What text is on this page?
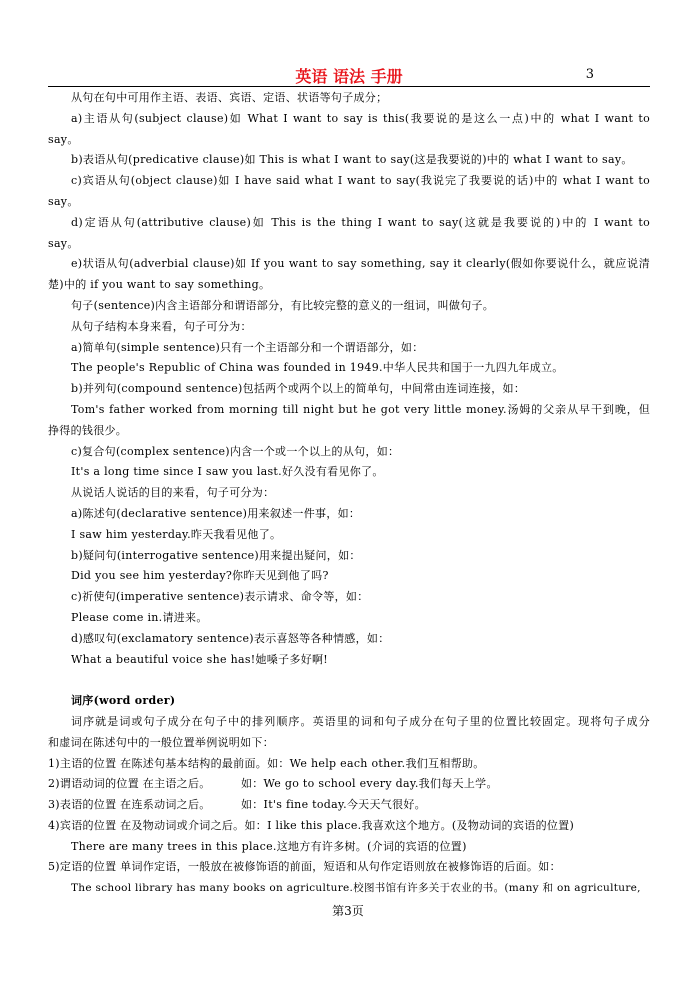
英语 语法 手册	3
从句在句中可用作主语、表语、宾语、定语、状语等句子成分；
a)主语从句(subject clause)如 What I want to say is this(我要说的是这么一点)中的 what I want to
say。
b)表语从句(predicative clause)如 This is what I want to say(这是我要说的)中的 what I want to say。
c)宾语从句(object clause)如 I have said what I want to say(我说完了我要说的话)中的 what I want to
say。
d)定语从句(attributive clause)如 This is the thing I want to say(这就是我要说的)中的 I want to
say。
e)状语从句(adverbial clause)如 If you want to say something, say it clearly(假如你要说什么，就应说清
楚)中的 if you want to say something。
句子(sentence)内含主语部分和谓语部分，有比较完整的意义的一组词，叫做句子。
从句子结构本身来看，句子可分为：
a)简单句(simple sentence)只有一个主语部分和一个谓语部分，如：
The people's Republic of China was founded in 1949.中华人民共和国于一九四九年成立。
b)并列句(compound sentence)包括两个或两个以上的简单句，中间常由连词连接，如：
Tom's father worked from morning till night but he got very little money.汤姆的父亲从早干到晚，但
挣得的钱很少。
c)复合句(complex sentence)内含一个或一个以上的从句，如：
It's a long time since I saw you last.好久没有看见你了。
从说话人说话的目的来看，句子可分为：
a)陈述句(declarative sentence)用来叙述一件事，如：
I saw him yesterday.昨天我看见他了。
b)疑问句(interrogative sentence)用来提出疑问，如：
Did you see him yesterday?你昨天见到他了吗?
c)祈使句(imperative sentence)表示请求、命令等，如：
Please come in.请进来。
d)感叹句(exclamatory sentence)表示喜怒等各种情感，如：
What a beautiful voice she has!她嗓子多好啊!
词序(word order)
词序就是词或句子成分在句子中的排列顺序。英语里的词和句子成分在句子里的位置比较固定。现将句子成分
和虚词在陈述句中的一般位置举例说明如下：
1)主语的位置 在陈述句基本结构的最前面。如：We help each other.我们互相帮助。
2)谓语动词的位置 在主语之后。        如：We go to school every day.我们每天上学。
3)表语的位置 在连系动词之后。        如：It's fine today.今天天气很好。
4)宾语的位置 在及物动词或介词之后。如：I like this place.我喜欢这个地方。(及物动词的宾语的位置)
There are many trees in this place.这地方有许多树。(介词的宾语的位置)
5)定语的位置 单词作定语，一般放在被修饰语的前面，短语和从句作定语则放在被修饰语的后面。如：
The school library has many books on agriculture.校图书馆有许多关于农业的书。(many 和 on agriculture,
第3页
